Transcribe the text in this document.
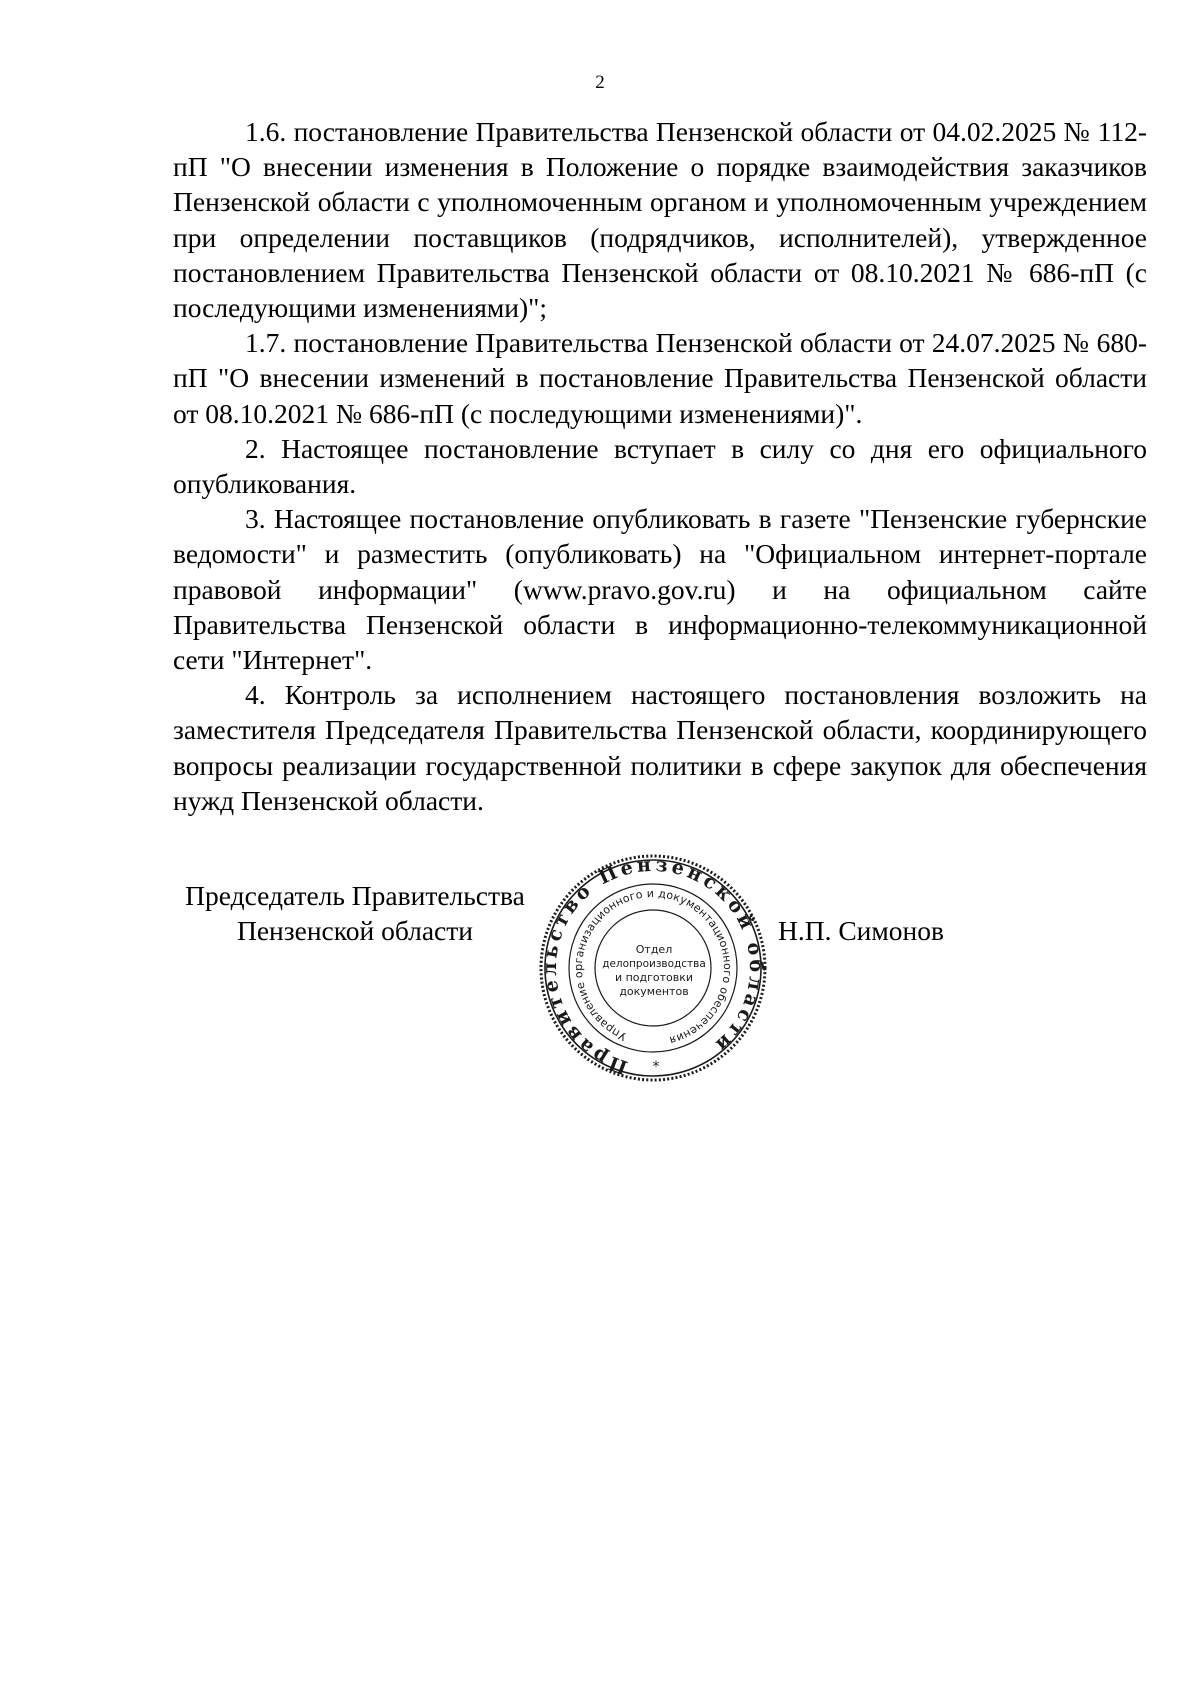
2

1.6. постановление Правительства Пензенской области от 04.02.2025 № 112-пП "О внесении изменения в Положение о порядке взаимодействия заказчиков Пензенской области с уполномоченным органом и уполномоченным учреждением при определении поставщиков (подрядчиков, исполнителей), утвержденное постановлением Правительства Пензенской области от 08.10.2021 № 686-пП (с последующими изменениями)";

1.7. постановление Правительства Пензенской области от 24.07.2025 № 680-пП "О внесении изменений в постановление Правительства Пензенской области от 08.10.2021 № 686-пП (с последующими изменениями)".

2. Настоящее постановление вступает в силу со дня его официального опубликования.

3. Настоящее постановление опубликовать в газете "Пензенские губернские ведомости" и разместить (опубликовать) на "Официальном интернет-портале правовой информации" (www.pravo.gov.ru) и на официальном сайте Правительства Пензенской области в информационно-телекоммуникационной сети "Интернет".

4. Контроль за исполнением настоящего постановления возложить на заместителя Председателя Правительства Пензенской области, координирующего вопросы реализации государственной политики в сфере закупок для обеспечения нужд Пензенской области.

Председатель Правительства
Пензенской области	Н.П. Симонов
Правительство Пензенской области
Управление организационного и документационного обеспечения
Отдел
делопроизводства
и подготовки
документов
*
